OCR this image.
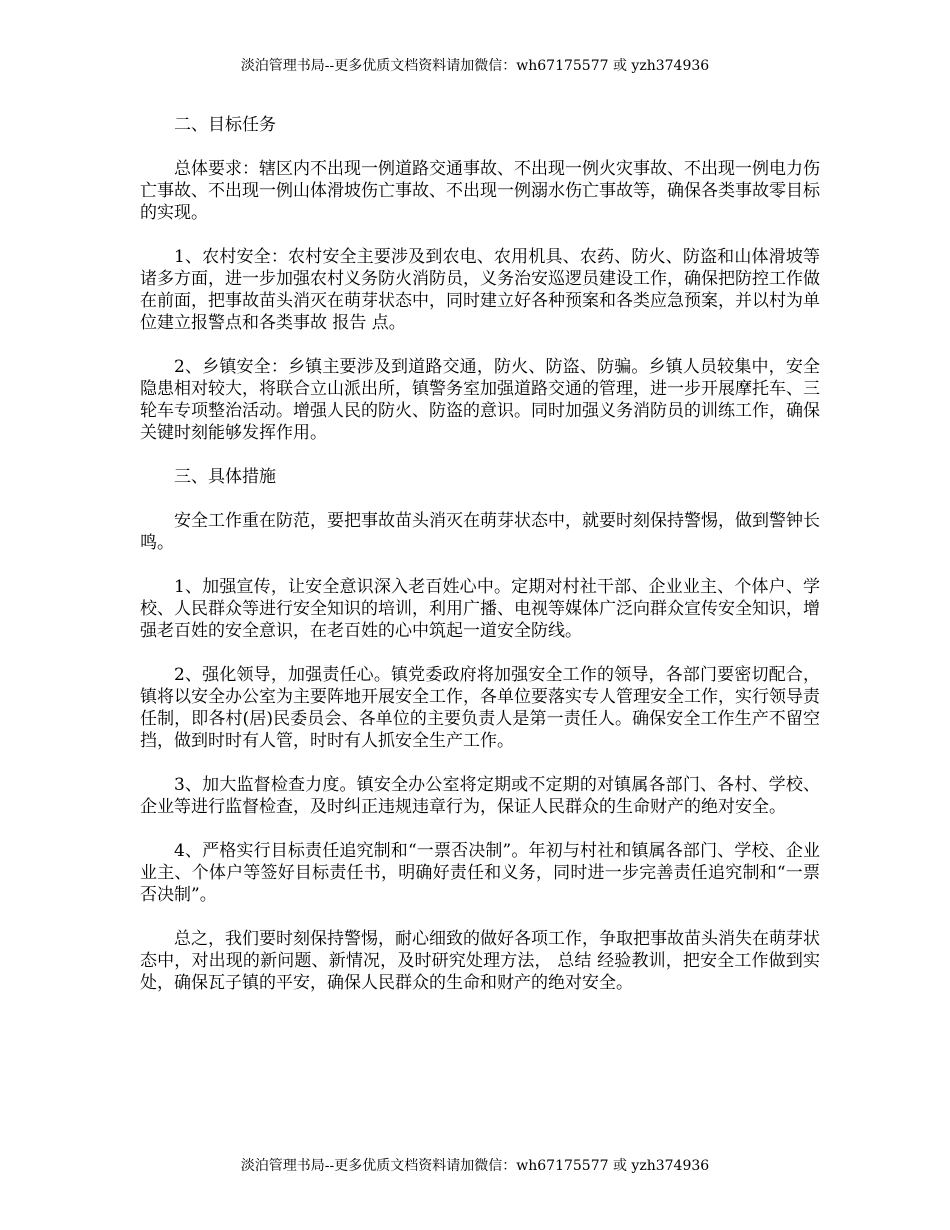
淡泊管理书局--更多优质文档资料请加微信：wh67175577 或 yzh374936

二、目标任务

总体要求：辖区内不出现一例道路交通事故、不出现一例火灾事故、不出现一例电力伤亡事故、不出现一例山体滑坡伤亡事故、不出现一例溺水伤亡事故等，确保各类事故零目标的实现。

1、农村安全：农村安全主要涉及到农电、农用机具、农药、防火、防盗和山体滑坡等诸多方面，进一步加强农村义务防火消防员，义务治安巡逻员建设工作，确保把防控工作做在前面，把事故苗头消灭在萌芽状态中，同时建立好各种预案和各类应急预案，并以村为单位建立报警点和各类事故 报告 点。

2、乡镇安全：乡镇主要涉及到道路交通，防火、防盗、防骗。乡镇人员较集中，安全隐患相对较大，将联合立山派出所，镇警务室加强道路交通的管理，进一步开展摩托车、三轮车专项整治活动。增强人民的防火、防盗的意识。同时加强义务消防员的训练工作，确保关键时刻能够发挥作用。

三、具体措施

安全工作重在防范，要把事故苗头消灭在萌芽状态中，就要时刻保持警惕，做到警钟长鸣。

1、加强宣传，让安全意识深入老百姓心中。定期对村社干部、企业业主、个体户、学校、人民群众等进行安全知识的培训，利用广播、电视等媒体广泛向群众宣传安全知识，增强老百姓的安全意识，在老百姓的心中筑起一道安全防线。

2、强化领导，加强责任心。镇党委政府将加强安全工作的领导，各部门要密切配合，镇将以安全办公室为主要阵地开展安全工作，各单位要落实专人管理安全工作，实行领导责任制，即各村(居)民委员会、各单位的主要负责人是第一责任人。确保安全工作生产不留空挡，做到时时有人管，时时有人抓安全生产工作。

3、加大监督检查力度。镇安全办公室将定期或不定期的对镇属各部门、各村、学校、企业等进行监督检查，及时纠正违规违章行为，保证人民群众的生命财产的绝对安全。

4、严格实行目标责任追究制和“一票否决制”。年初与村社和镇属各部门、学校、企业业主、个体户等签好目标责任书，明确好责任和义务，同时进一步完善责任追究制和“一票否决制”。

总之，我们要时刻保持警惕，耐心细致的做好各项工作，争取把事故苗头消失在萌芽状态中，对出现的新问题、新情况，及时研究处理方法， 总结 经验教训，把安全工作做到实处，确保瓦子镇的平安，确保人民群众的生命和财产的绝对安全。

淡泊管理书局--更多优质文档资料请加微信：wh67175577 或 yzh374936
